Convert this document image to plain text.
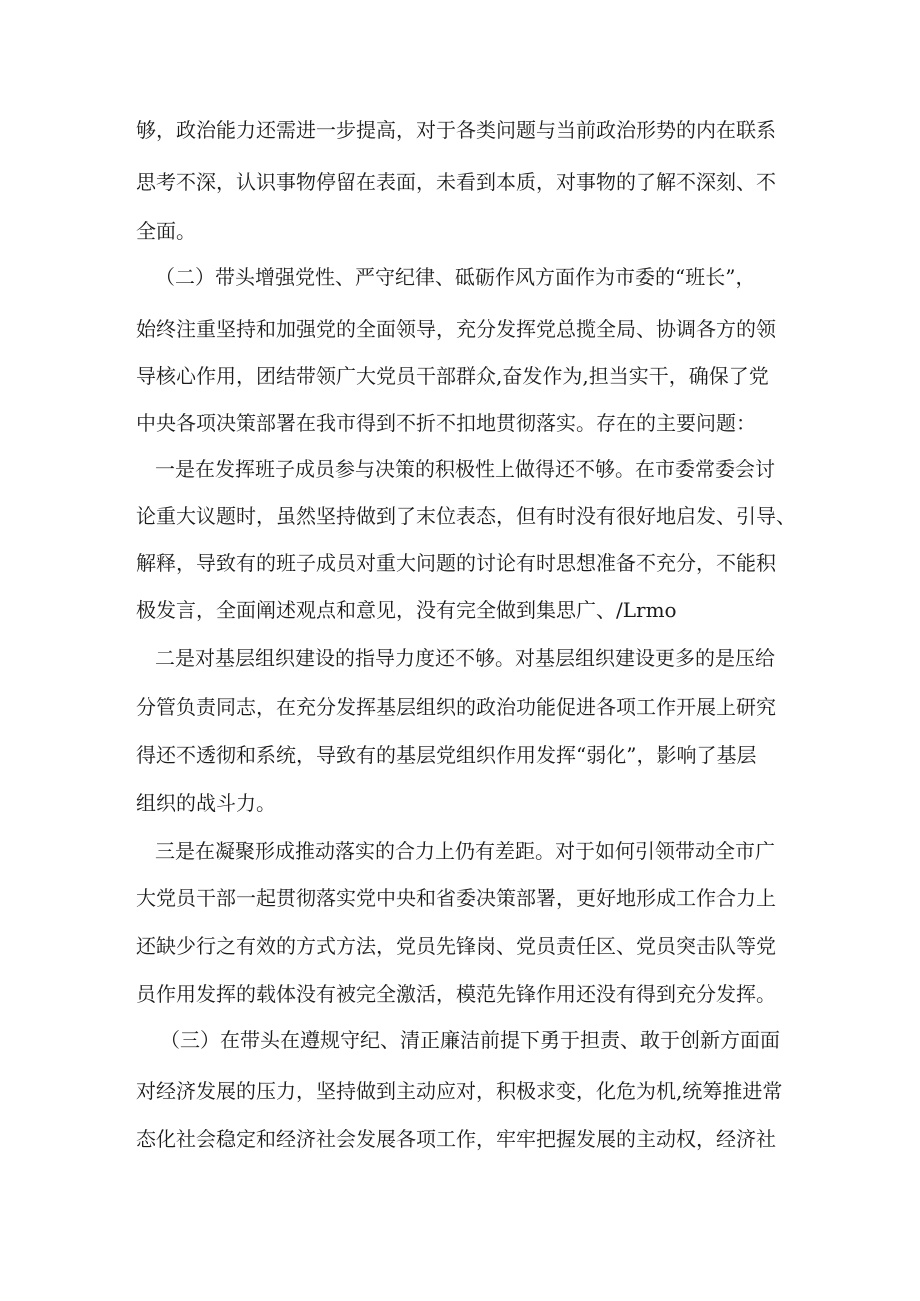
够，政治能力还需进一步提高，对于各类问题与当前政治形势的内在联系
思考不深，认识事物停留在表面，未看到本质，对事物的了解不深刻、不
全面。
（二）带头增强党性、严守纪律、砥砺作风方面作为市委的“班长”，
始终注重坚持和加强党的全面领导，充分发挥党总揽全局、协调各方的领
导核心作用，团结带领广大党员干部群众,奋发作为,担当实干，确保了党
中央各项决策部署在我市得到不折不扣地贯彻落实。存在的主要问题：
一是在发挥班子成员参与决策的积极性上做得还不够。在市委常委会讨
论重大议题时，虽然坚持做到了末位表态，但有时没有很好地启发、引导、
解释，导致有的班子成员对重大问题的讨论有时思想准备不充分，不能积
极发言，全面阐述观点和意见，没有完全做到集思广、/Lrmo
二是对基层组织建设的指导力度还不够。对基层组织建设更多的是压给
分管负责同志，在充分发挥基层组织的政治功能促进各项工作开展上研究
得还不透彻和系统，导致有的基层党组织作用发挥“弱化”，影响了基层
组织的战斗力。
三是在凝聚形成推动落实的合力上仍有差距。对于如何引领带动全市广
大党员干部一起贯彻落实党中央和省委决策部署，更好地形成工作合力上
还缺少行之有效的方式方法，党员先锋岗、党员责任区、党员突击队等党
员作用发挥的载体没有被完全激活，模范先锋作用还没有得到充分发挥。
（三）在带头在遵规守纪、清正廉洁前提下勇于担责、敢于创新方面面
对经济发展的压力，坚持做到主动应对，积极求变，化危为机,统筹推进常
态化社会稳定和经济社会发展各项工作，牢牢把握发展的主动权，经济社
